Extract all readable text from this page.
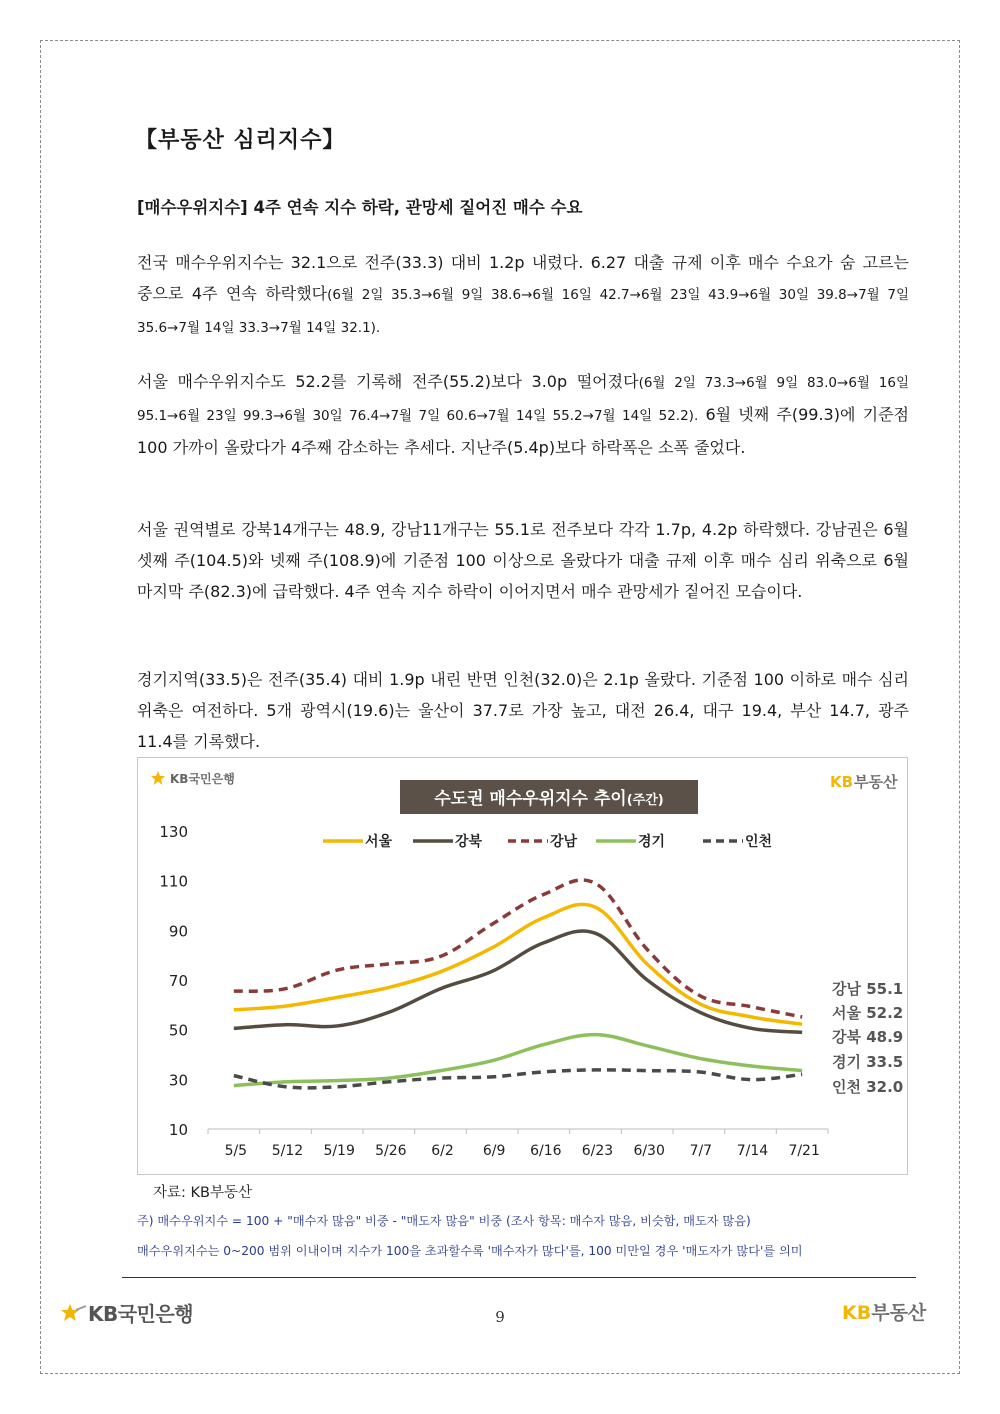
【부동산 심리지수】
[매수우위지수] 4주 연속 지수 하락, 관망세 짙어진 매수 수요
전국 매수우위지수는 32.1으로 전주(33.3) 대비 1.2p 내렸다. 6.27 대출 규제 이후 매수 수요가 숨 고르는 중으로 4주 연속 하락했다(6월 2일 35.3→6월 9일 38.6→6월 16일 42.7→6월 23일 43.9→6월 30일 39.8→7월 7일 35.6→7월 14일 33.3→7월 14일 32.1).
서울 매수우위지수도 52.2를 기록해 전주(55.2)보다 3.0p 떨어졌다(6월 2일 73.3→6월 9일 83.0→6월 16일 95.1→6월 23일 99.3→6월 30일 76.4→7월 7일 60.6→7월 14일 55.2→7월 14일 52.2). 6월 넷째 주(99.3)에 기준점 100 가까이 올랐다가 4주째 감소하는 추세다. 지난주(5.4p)보다 하락폭은 소폭 줄었다.
서울 권역별로 강북14개구는 48.9, 강남11개구는 55.1로 전주보다 각각 1.7p, 4.2p 하락했다. 강남권은 6월 셋째 주(104.5)와 넷째 주(108.9)에 기준점 100 이상으로 올랐다가 대출 규제 이후 매수 심리 위축으로 6월 마지막 주(82.3)에 급락했다. 4주 연속 지수 하락이 이어지면서 매수 관망세가 짙어진 모습이다.
경기지역(33.5)은 전주(35.4) 대비 1.9p 내린 반면 인천(32.0)은 2.1p 올랐다. 기준점 100 이하로 매수 심리 위축은 여전하다. 5개 광역시(19.6)는 울산이 37.7로 가장 높고, 대전 26.4, 대구 19.4, 부산 14.7, 광주 11.4를 기록했다.
KB국민은행	KB 부동산
수도권 매수우위지수 추이(주간)
서울	강북	강남	경기	인천
10
30
50
70
90
110
130
5/5 5/12 5/19 5/26 6/2 6/9 6/16 6/23 6/30 7/7 7/14 7/21
강남 55.1
서울 52.2
강북 48.9
경기 33.5
인천 32.0
자료: KB부동산
주) 매수우위지수 = 100 + "매수자 많음" 비중 - "매도자 많음" 비중 (조사 항목: 매수자 많음, 비슷함, 매도자 많음)
매수우위지수는 0~200 범위 이내이며 지수가 100을 초과할수록 '매수자가 많다'를, 100 미만일 경우 '매도자가 많다'를 의미
KB국민은행	9	KB부동산
